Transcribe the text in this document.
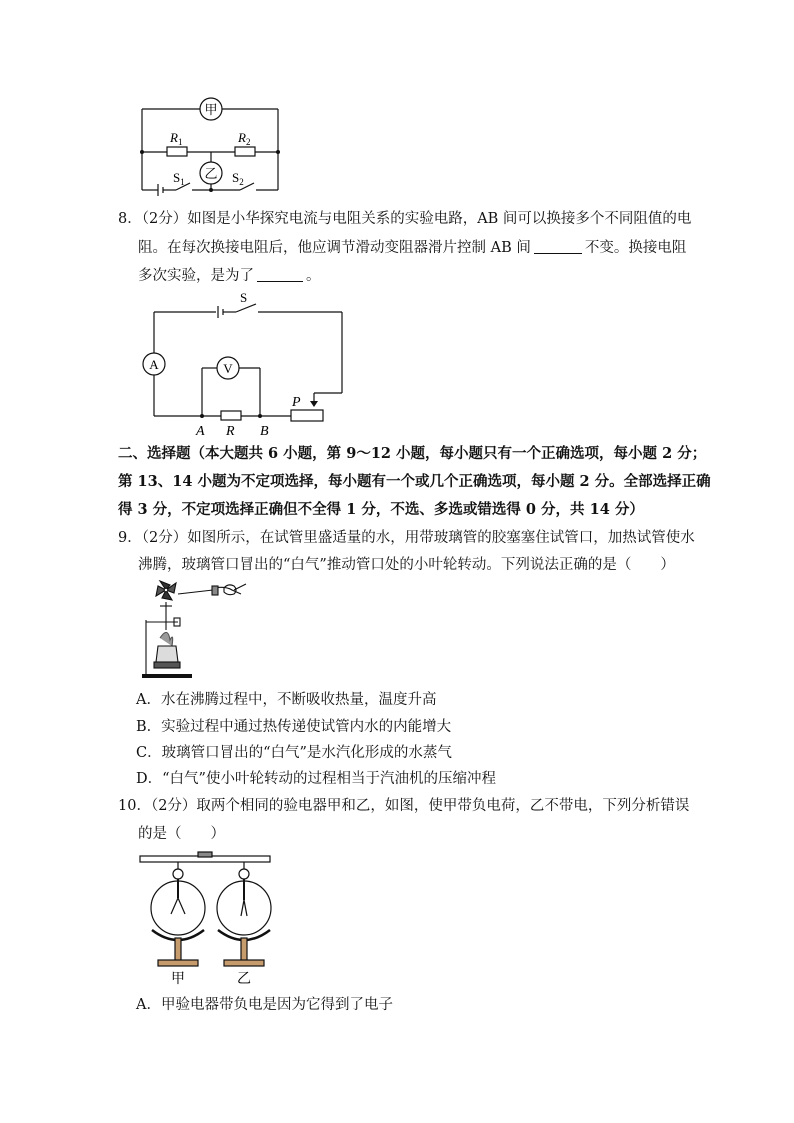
甲
乙
$R_1$	$R_2$
$S_1$	$S_2$
8．（2分）如图是小华探究电流与电阻关系的实验电路，AB 间可以换接多个不同阻值的电
阻。在每次换接电阻后，他应调节滑动变阻器滑片控制 AB 间	不变。换接电阻
多次实验，是为了	。
S
A	V
P
A R B
二、选择题（本大题共 6 小题，第 9～12 小题，每小题只有一个正确选项，每小题 2 分；
第 13、14 小题为不定项选择，每小题有一个或几个正确选项，每小题 2 分。全部选择正确
得 3 分，不定项选择正确但不全得 1 分，不选、多选或错选得 0 分，共 14 分）
9．（2分）如图所示，在试管里盛适量的水，用带玻璃管的胶塞塞住试管口，加热试管使水
沸腾，玻璃管口冒出的“白气”推动管口处的小叶轮转动。下列说法正确的是（　　）
A．水在沸腾过程中，不断吸收热量，温度升高
B．实验过程中通过热传递使试管内水的内能增大
C．玻璃管口冒出的“白气”是水汽化形成的水蒸气
D．“白气”使小叶轮转动的过程相当于汽油机的压缩冲程
10．（2分）取两个相同的验电器甲和乙，如图，使甲带负电荷，乙不带电，下列分析错误
的是（　　）
甲	乙
A．甲验电器带负电是因为它得到了电子
